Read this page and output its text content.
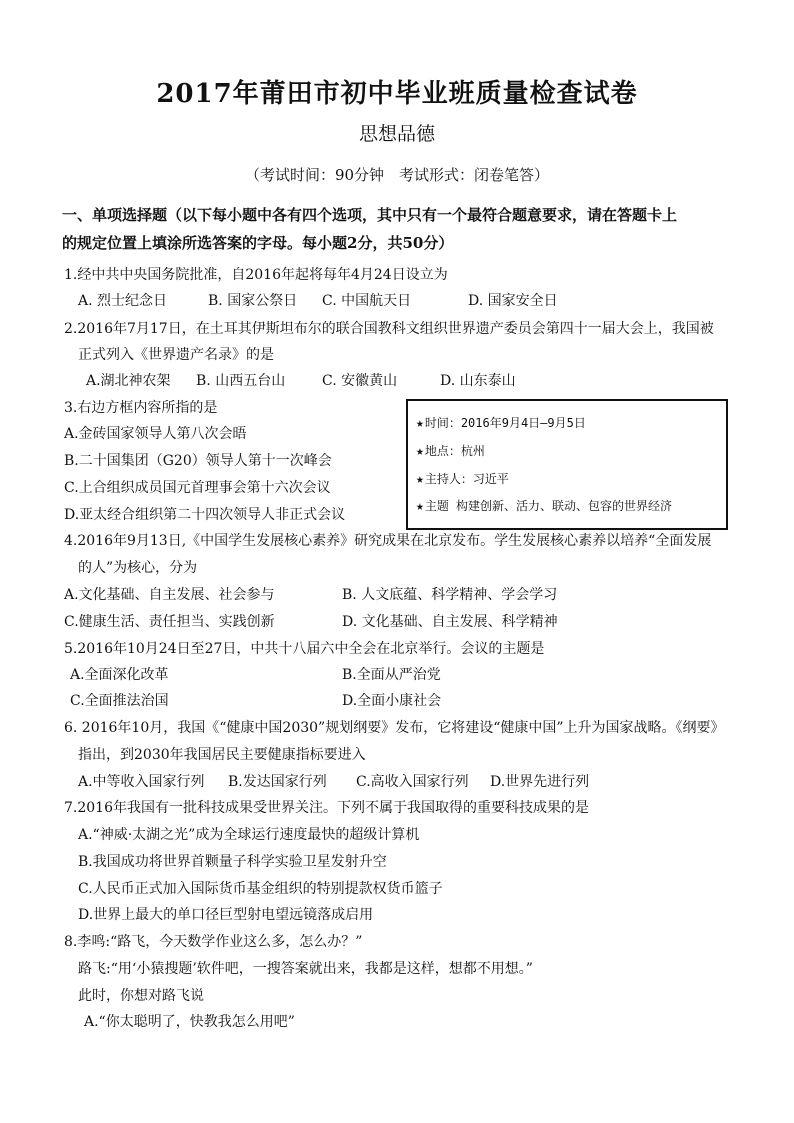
2017年莆田市初中毕业班质量检查试卷
思想品德
（考试时间：90分钟　考试形式：闭卷笔答）
一、单项选择题（以下每小题中各有四个选项，其中只有一个最符合题意要求，请在答题卡上
的规定位置上填涂所选答案的字母。每小题2分，共50分）
1.经中共中央国务院批准，自2016年起将每年4月24日设立为
A. 烈士纪念日	B. 国家公祭日 C. 中国航天日	D. 国家安全日
2.2016年7月17日，在土耳其伊斯坦布尔的联合国教科文组织世界遗产委员会第四十一届大会上，我国被
正式列入《世界遗产名录》的是
A.湖北神农架 B. 山西五台山	C. 安徽黄山	D. 山东泰山
3.右边方框内容所指的是
A.金砖国家领导人第八次会晤
B.二十国集团（G20）领导人第十一次峰会
C.上合组织成员国元首理事会第十六次会议
D.亚太经合组织第二十四次领导人非正式会议
★时间：2016年9月4日—9月5日
★地点：杭州
★主持人：习近平
★主题 构建创新、活力、联动、包容的世界经济
4.2016年9月13日,《中国学生发展核心素养》研究成果在北京发布。学生发展核心素养以培养“全面发展
的人”为核心，分为
A.文化基础、自主发展、社会参与	B. 人文底蕴、科学精神、学会学习
C.健康生活、责任担当、实践创新	D. 文化基础、自主发展、科学精神
5.2016年10月24日至27日，中共十八届六中全会在北京举行。会议的主题是
A.全面深化改革	B.全面从严治党
C.全面推法治国	D.全面小康社会
6. 2016年10月，我国《“健康中国2030”规划纲要》发布，它将建设“健康中国”上升为国家战略。《纲要》
指出，到2030年我国居民主要健康指标要进入
A.中等收入国家行列 B.发达国家行列 C.高收入国家行列 D.世界先进行列
7.2016年我国有一批科技成果受世界关注。下列不属于我国取得的重要科技成果的是
A.“神威·太湖之光”成为全球运行速度最快的超级计算机
B.我国成功将世界首颗量子科学实验卫星发射升空
C.人民币正式加入国际货币基金组织的特别提款权货币篮子
D.世界上最大的单口径巨型射电望远镜落成启用
8.李鸣:“路飞，今天数学作业这么多，怎么办？”
路飞:“用‘小猿搜题’软件吧，一搜答案就出来，我都是这样，想都不用想。”
此时，你想对路飞说
A.“你太聪明了，快教我怎么用吧”
